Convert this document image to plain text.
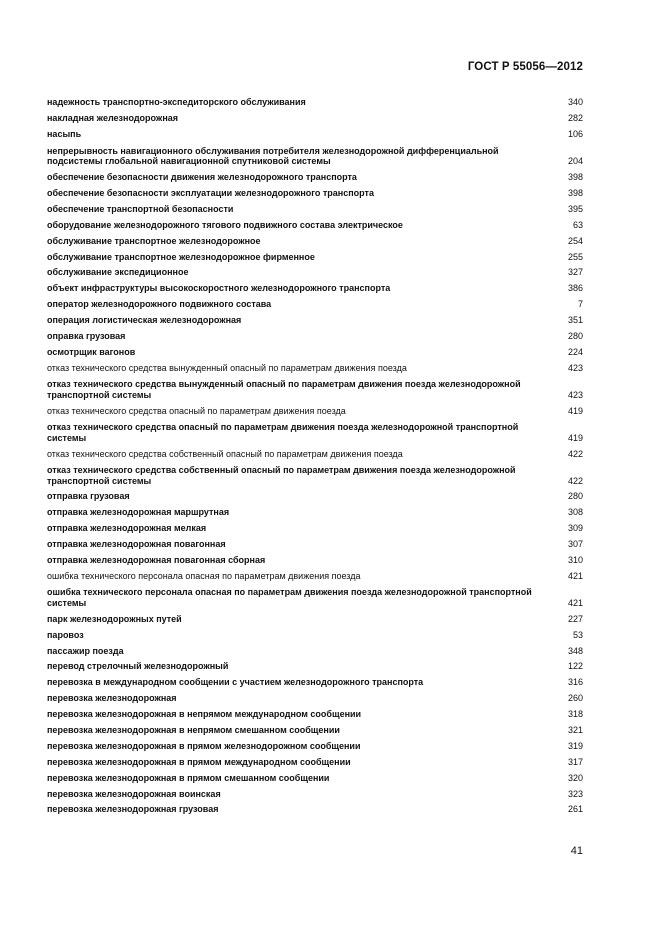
ГОСТ Р 55056—2012
надежность транспортно-экспедиторского обслуживания	340
накладная железнодорожная	282
насыпь	106
непрерывность навигационного обслуживания потребителя железнодорожной дифференциальной подсистемы глобальной навигационной спутниковой системы	204
обеспечение безопасности движения железнодорожного транспорта	398
обеспечение безопасности эксплуатации железнодорожного транспорта	398
обеспечение транспортной безопасности	395
оборудование железнодорожного тягового подвижного состава электрическое	63
обслуживание транспортное железнодорожное	254
обслуживание транспортное железнодорожное фирменное	255
обслуживание экспедиционное	327
объект инфраструктуры высокоскоростного железнодорожного транспорта	386
оператор железнодорожного подвижного состава	7
операция логистическая железнодорожная	351
оправка грузовая	280
осмотрщик вагонов	224
отказ технического средства вынужденный опасный по параметрам движения поезда	423
отказ технического средства вынужденный опасный по параметрам движения поезда железнодорожной транспортной системы	423
отказ технического средства опасный по параметрам движения поезда	419
отказ технического средства опасный по параметрам движения поезда железнодорожной транспортной системы	419
отказ технического средства собственный опасный по параметрам движения поезда	422
отказ технического средства собственный опасный по параметрам движения поезда железнодорожной транспортной системы	422
отправка грузовая	280
отправка железнодорожная маршрутная	308
отправка железнодорожная мелкая	309
отправка железнодорожная повагонная	307
отправка железнодорожная повагонная сборная	310
ошибка технического персонала опасная по параметрам движения поезда	421
ошибка технического персонала опасная по параметрам движения поезда железнодорожной транспортной системы	421
парк железнодорожных путей	227
паровоз	53
пассажир поезда	348
перевод стрелочный железнодорожный	122
перевозка в международном сообщении с участием железнодорожного транспорта	316
перевозка железнодорожная	260
перевозка железнодорожная в непрямом международном сообщении	318
перевозка железнодорожная в непрямом смешанном сообщении	321
перевозка железнодорожная в прямом железнодорожном сообщении	319
перевозка железнодорожная в прямом международном сообщении	317
перевозка железнодорожная в прямом смешанном сообщении	320
перевозка железнодорожная воинская	323
перевозка железнодорожная грузовая	261
41
